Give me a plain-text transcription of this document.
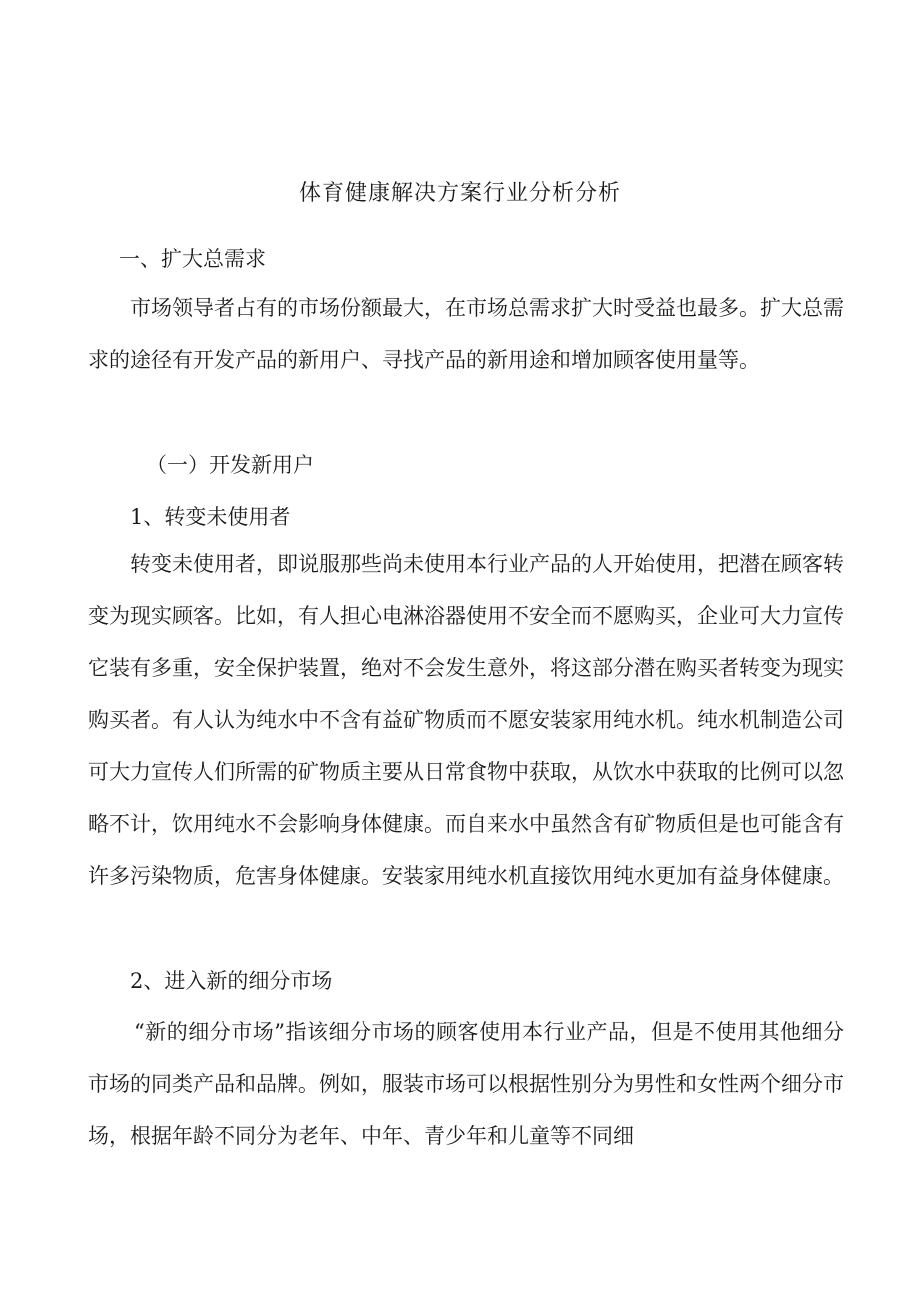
体育健康解决方案行业分析分析
一、扩大总需求

市场领导者占有的市场份额最大，在市场总需求扩大时受益也最多。扩大总需求的途径有开发产品的新用户、寻找产品的新用途和增加顾客使用量等。

（一）开发新用户
1、转变未使用者

转变未使用者，即说服那些尚未使用本行业产品的人开始使用，把潜在顾客转变为现实顾客。比如，有人担心电淋浴器使用不安全而不愿购买，企业可大力宣传它装有多重，安全保护装置，绝对不会发生意外，将这部分潜在购买者转变为现实购买者。有人认为纯水中不含有益矿物质而不愿安装家用纯水机。纯水机制造公司可大力宣传人们所需的矿物质主要从日常食物中获取，从饮水中获取的比例可以忽略不计，饮用纯水不会影响身体健康。而自来水中虽然含有矿物质但是也可能含有许多污染物质，危害身体健康。安装家用纯水机直接饮用纯水更加有益身体健康。

2、进入新的细分市场

“新的细分市场”指该细分市场的顾客使用本行业产品，但是不使用其他细分市场的同类产品和品牌。例如，服装市场可以根据性别分为男性和女性两个细分市场，根据年龄不同分为老年、中年、青少年和儿童等不同细
